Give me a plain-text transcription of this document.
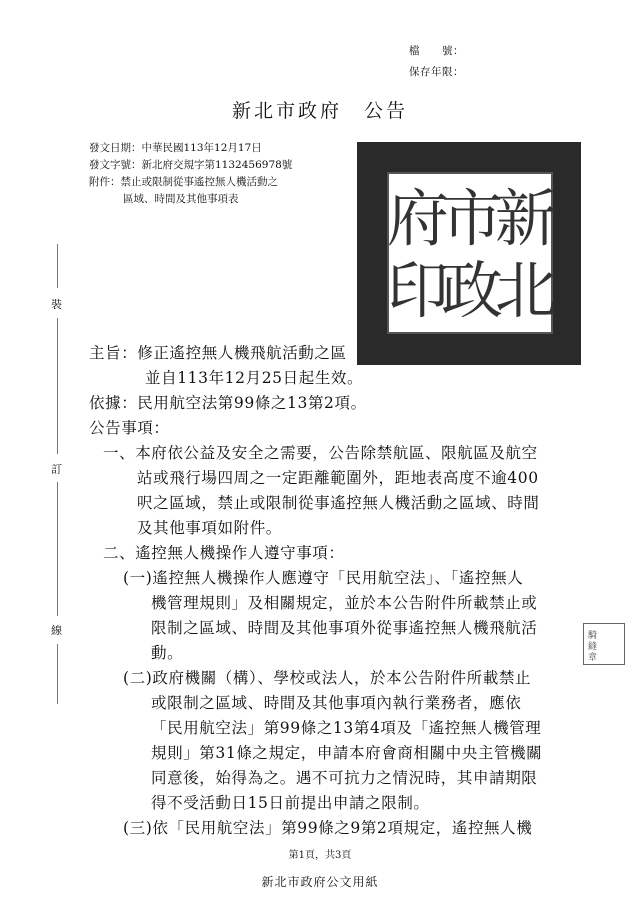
檔　　號：
保存年限：
新北市政府　公告
發文日期：中華民國113年12月17日
發文字號：新北府交規字第1132456978號
附件：禁止或限制從事遙控無人機活動之
區域、時間及其他事項表	新
北
市
政
府
印
主旨：修正遙控無人機飛航活動之區
並自113年12月25日起生效。
依據：民用航空法第99條之13第2項。
公告事項：
一、本府依公益及安全之需要，公告除禁航區、限航區及航空
站或飛行場四周之一定距離範圍外，距地表高度不逾400
呎之區域，禁止或限制從事遙控無人機活動之區域、時間
及其他事項如附件。
二、遙控無人機操作人遵守事項：
(一)遙控無人機操作人應遵守「民用航空法」、「遙控無人
機管理規則」及相關規定，並於本公告附件所載禁止或
限制之區域、時間及其他事項外從事遙控無人機飛航活
動。
(二)政府機關（構）、學校或法人，於本公告附件所載禁止
或限制之區域、時間及其他事項內執行業務者，應依
「民用航空法」第99條之13第4項及「遙控無人機管理
規則」第31條之規定，申請本府會商相關中央主管機關
同意後，始得為之。遇不可抗力之情況時，其申請期限
得不受活動日15日前提出申請之限制。
(三)依「民用航空法」第99條之9第2項規定，遙控無人機
裝
訂
線	騎
縫
章
第1頁，共3頁
新北市政府公文用紙
